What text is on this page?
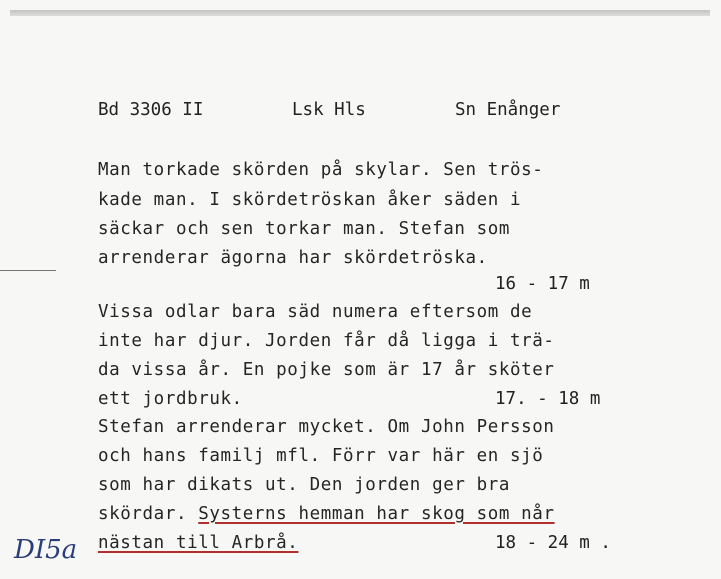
Bd 3306 II	Lsk Hls	Sn Enånger
Man torkade skörden på skylar. Sen trös-
kade man. I skördetröskan åker säden i
säckar och sen torkar man. Stefan som
arrenderar ägorna har skördetröska.
16 - 17 m
Vissa odlar bara säd numera eftersom de
inte har djur. Jorden får då ligga i trä-
da vissa år. En pojke som är 17 år sköter
ett jordbruk.	17. - 18 m
Stefan arrenderar mycket. Om John Persson
och hans familj mfl. Förr var här en sjö
som har dikats ut. Den jorden ger bra
skördar. Systerns hemman har skog som når
nästan till Arbrå.	18 - 24 m .
DI5a
